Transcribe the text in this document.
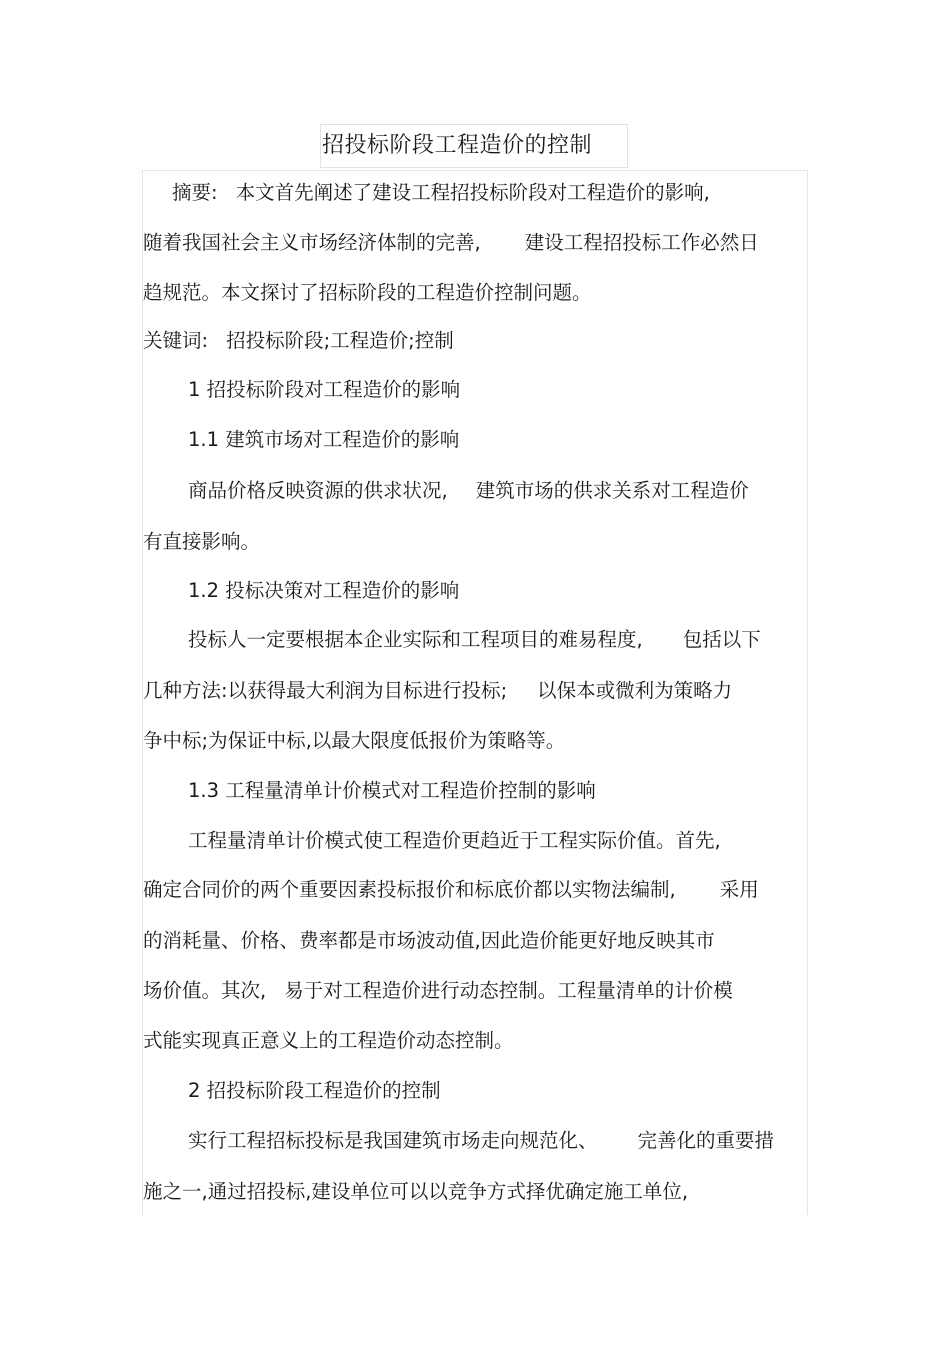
招投标阶段工程造价的控制
摘要: 本文首先阐述了建设工程招投标阶段对工程造价的影响,
随着我国社会主义市场经济体制的完善, 建设工程招投标工作必然日
趋规范。本文探讨了招标阶段的工程造价控制问题。
关键词: 招投标阶段;工程造价;控制
1 招投标阶段对工程造价的影响
1.1 建筑市场对工程造价的影响
商品价格反映资源的供求状况, 建筑市场的供求关系对工程造价
有直接影响。
1.2 投标决策对工程造价的影响
投标人一定要根据本企业实际和工程项目的难易程度, 包括以下
几种方法:以获得最大利润为目标进行投标; 以保本或微利为策略力
争中标;为保证中标,以最大限度低报价为策略等。
1.3 工程量清单计价模式对工程造价控制的影响
工程量清单计价模式使工程造价更趋近于工程实际价值。首先,
确定合同价的两个重要因素投标报价和标底价都以实物法编制, 采用
的消耗量、价格、费率都是市场波动值,因此造价能更好地反映其市
场价值。其次, 易于对工程造价进行动态控制。工程量清单的计价模
式能实现真正意义上的工程造价动态控制。
2 招投标阶段工程造价的控制
实行工程招标投标是我国建筑市场走向规范化、 完善化的重要措
施之一,通过招投标,建设单位可以以竞争方式择优确定施工单位,
